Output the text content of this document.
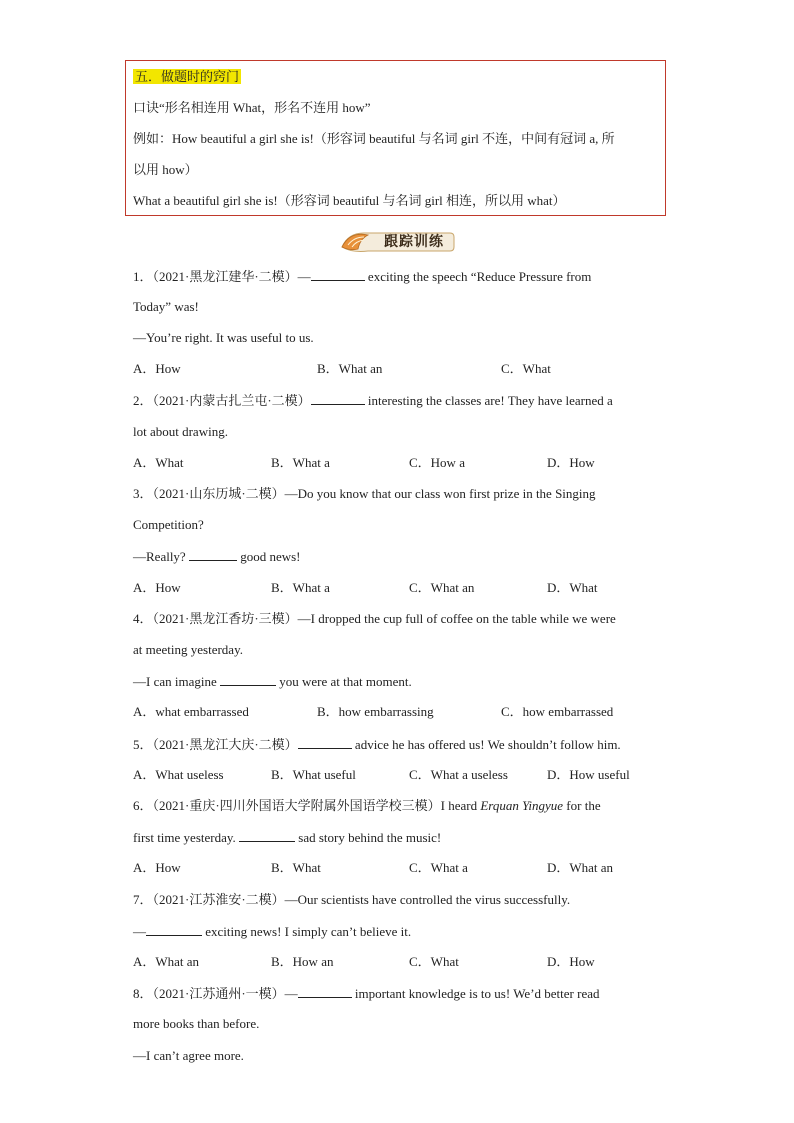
五．做题时的窍门
口诀“形名相连用 What，形名不连用 how”
例如：How beautiful a girl she is!（形容词 beautiful 与名词 girl 不连，中间有冠词 a, 所
以用 how）
What a beautiful girl she is!（形容词 beautiful 与名词 girl 相连，所以用 what）
跟踪训练
1．（2021·黑龙江建华·二模）—	exciting the speech “Reduce Pressure from
Today” was!
—You’re right. It was useful to us.
A．How	B．What an	C．What
2．（2021·内蒙古扎兰屯·二模）	interesting the classes are! They have learned a
lot about drawing.
A．What	B．What a	C．How a	D．How
3．（2021·山东历城·二模）—Do you know that our class won first prize in the Singing
Competition?
—Really?	good news!
A．How	B．What a	C．What an	D．What
4．（2021·黑龙江香坊·三模）—I dropped the cup full of coffee on the table while we were
at meeting yesterday.
—I can imagine	you were at that moment.
A．what embarrassed	B．how embarrassing	C．how embarrassed
5．（2021·黑龙江大庆·二模）	advice he has offered us! We shouldn’t follow him.
A．What useless	B．What useful	C．What a useless	D．How useful
6．（2021·重庆·四川外国语大学附属外国语学校三模）I heard Erquan Yingyue for the
first time yesterday.	sad story behind the music!
A．How	B．What	C．What a	D．What an
7．（2021·江苏淮安·二模）—Our scientists have controlled the virus successfully.
—	exciting news! I simply can’t believe it.
A．What an	B．How an	C．What	D．How
8．（2021·江苏通州·一模）—	important knowledge is to us! We’d better read
more books than before.
—I can’t agree more.
